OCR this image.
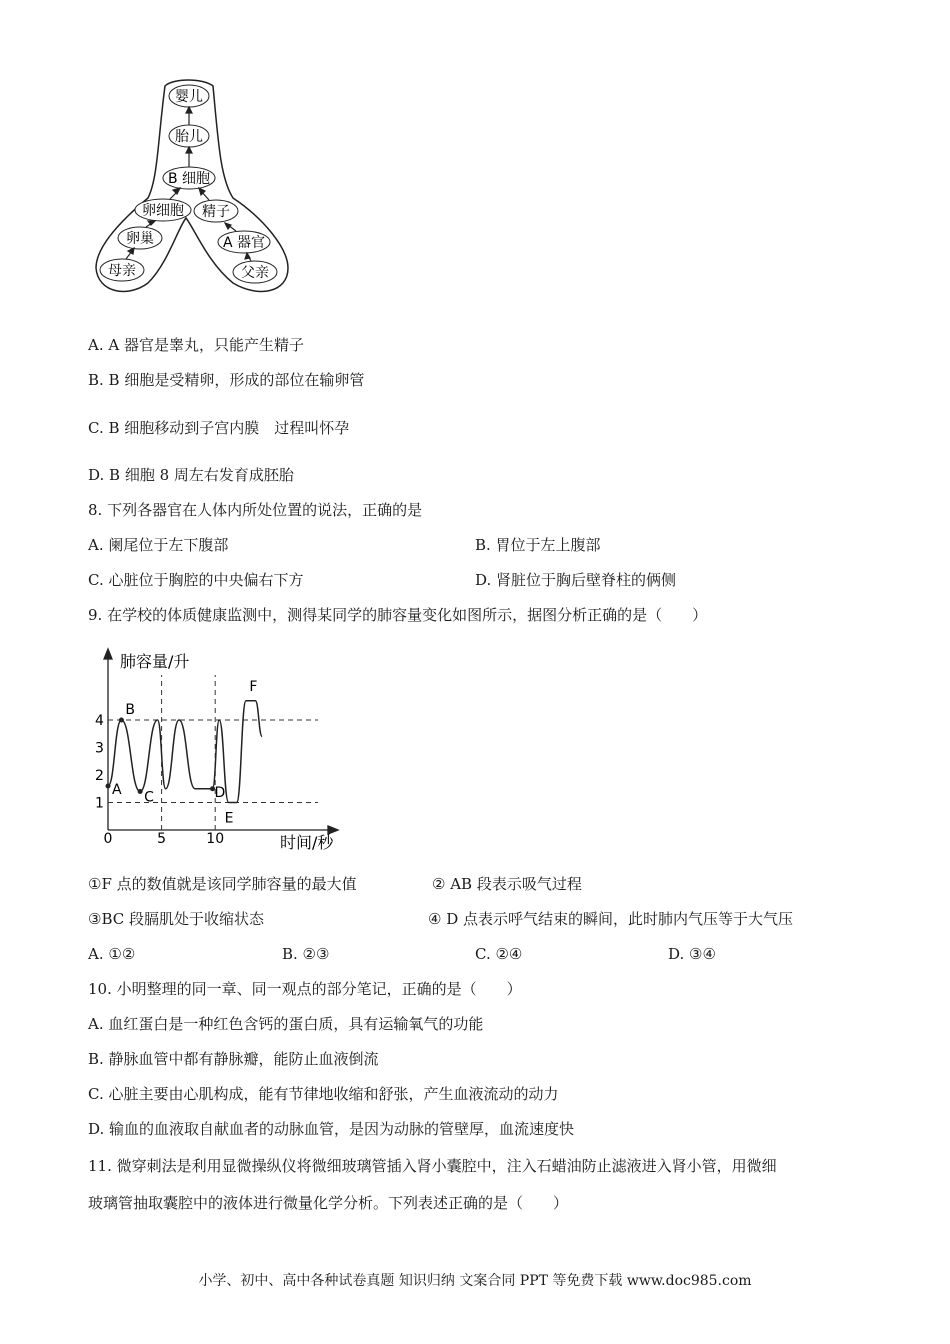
婴儿
胎儿
B 细胞
卵细胞 精子
卵巢	A 器官
母亲	父亲
A. A 器官是睾丸，只能产生精子
B. B 细胞是受精卵，形成的部位在输卵管
C. B 细胞移动到子宫内膜　过程叫怀孕
D. B 细胞 8 周左右发育成胚胎
8. 下列各器官在人体内所处位置的说法，正确的是
A. 阑尾位于左下腹部	B. 胃位于左上腹部
C. 心脏位于胸腔的中央偏右下方	D. 肾脏位于胸后壁脊柱的俩侧
9. 在学校的体质健康监测中，测得某同学的肺容量变化如图所示，据图分析正确的是（　　）
A
B
C	D
E
F
1
2
3
4
0	5	10
肺容量/升
时间/秒
①F 点的数值就是该同学肺容量的最大值	② AB 段表示吸气过程
③BC 段膈肌处于收缩状态	④ D 点表示呼气结束的瞬间，此时肺内气压等于大气压
A. ①②	B. ②③	C. ②④	D. ③④
10. 小明整理的同一章、同一观点的部分笔记，正确的是（　　）
A. 血红蛋白是一种红色含钙的蛋白质，具有运输氧气的功能
B. 静脉血管中都有静脉瓣，能防止血液倒流
C. 心脏主要由心肌构成，能有节律地收缩和舒张，产生血液流动的动力
D. 输血的血液取自献血者的动脉血管，是因为动脉的管壁厚，血流速度快
11. 微穿刺法是利用显微操纵仪将微细玻璃管插入肾小囊腔中，注入石蜡油防止滤液进入肾小管，用微细
玻璃管抽取囊腔中的液体进行微量化学分析。下列表述正确的是（　　）
小学、初中、高中各种试卷真题 知识归纳 文案合同 PPT 等免费下载 www.doc985.com
